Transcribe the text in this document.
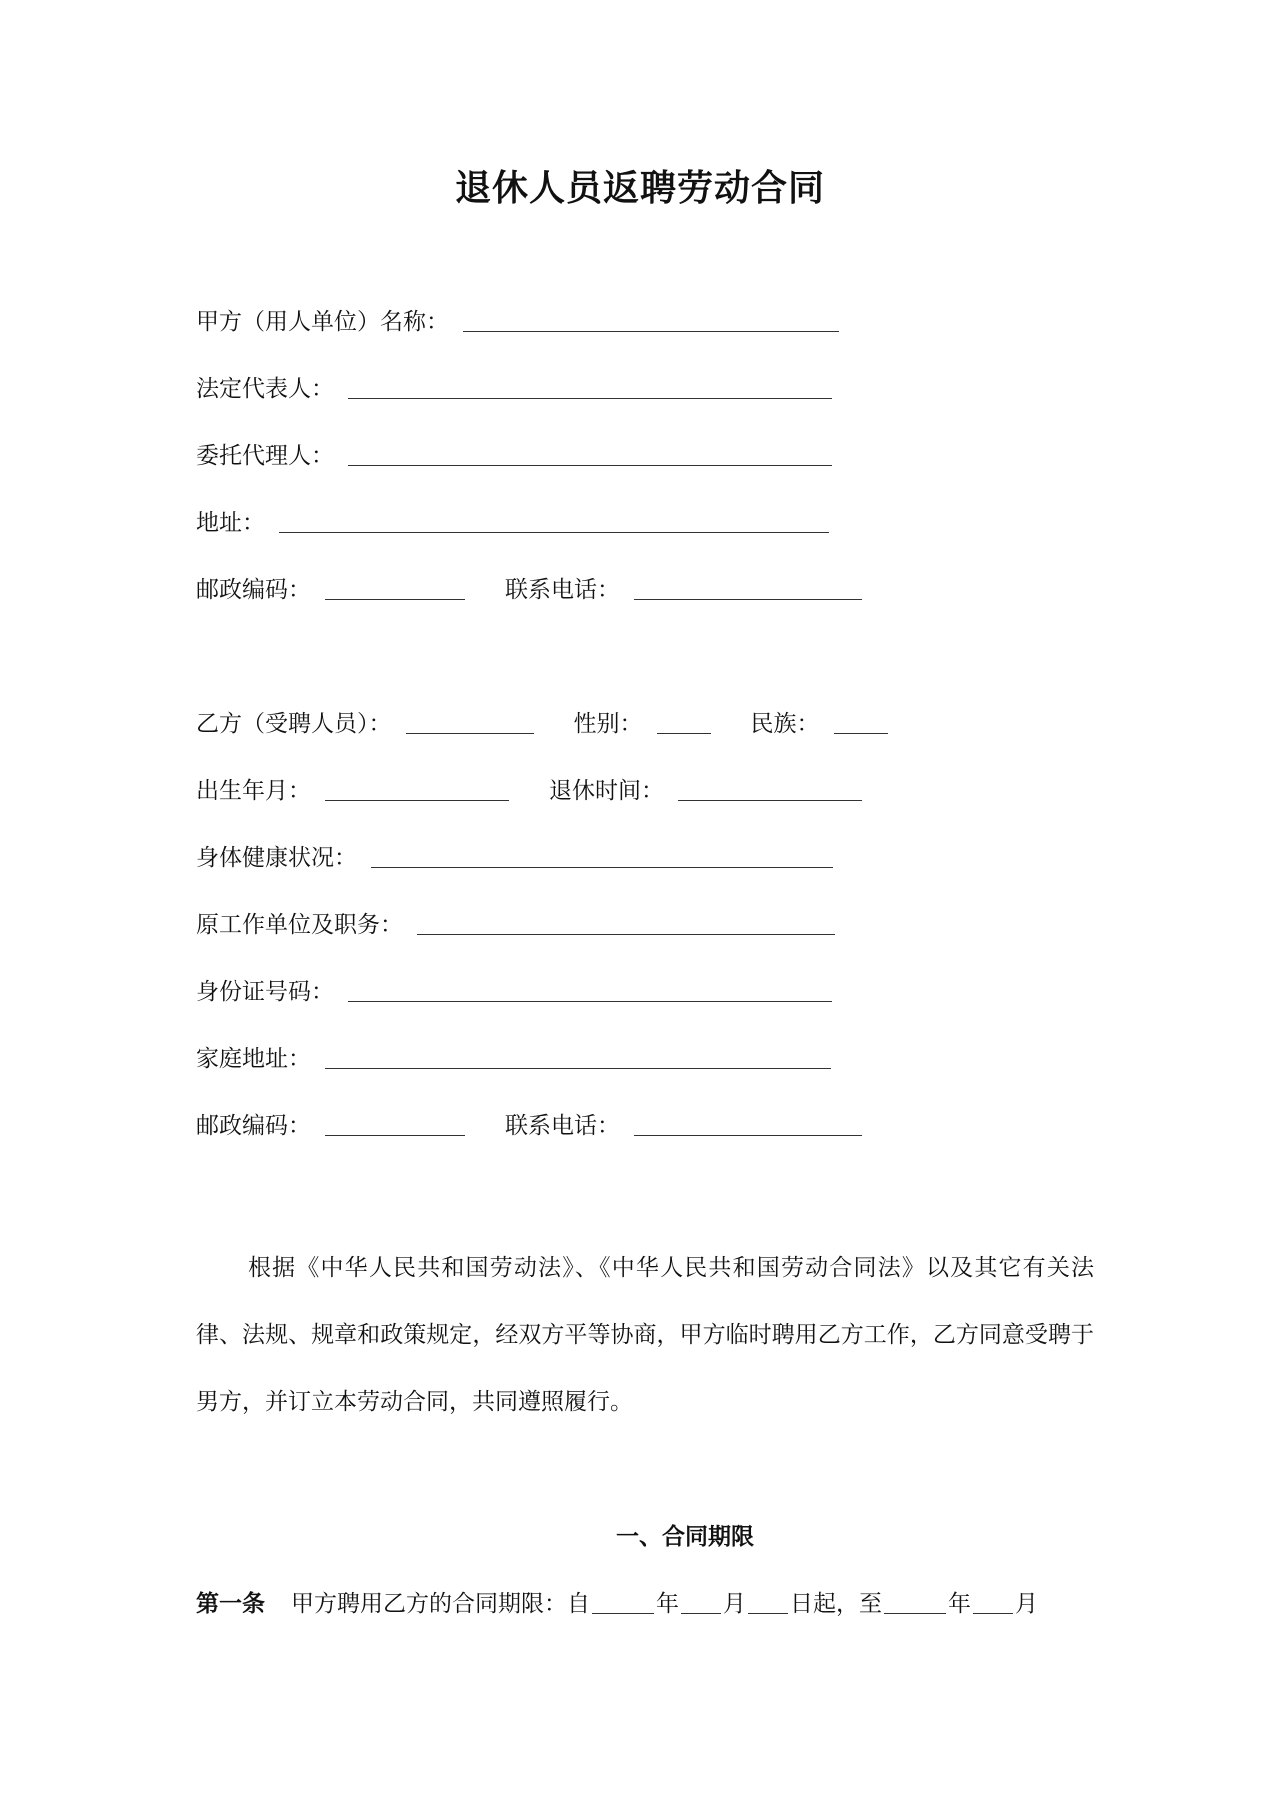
退休人员返聘劳动合同
甲方（用人单位）名称：
法定代表人：
委托代理人：
地址：
邮政编码：	联系电话：
乙方（受聘人员）：	性别：	民族：
出生年月：	退休时间：
身体健康状况：
原工作单位及职务：
身份证号码：
家庭地址：
邮政编码：	联系电话：
根据《中华人民共和国劳动法》、《中华人民共和国劳动合同法》以及其它有关法律、法规、规章和政策规定，经双方平等协商，甲方临时聘用乙方工作，乙方同意受聘于男方，并订立本劳动合同，共同遵照履行。
一、合同期限
第一条 甲方聘用乙方的合同期限：自	年 月 日起，至	年 月
